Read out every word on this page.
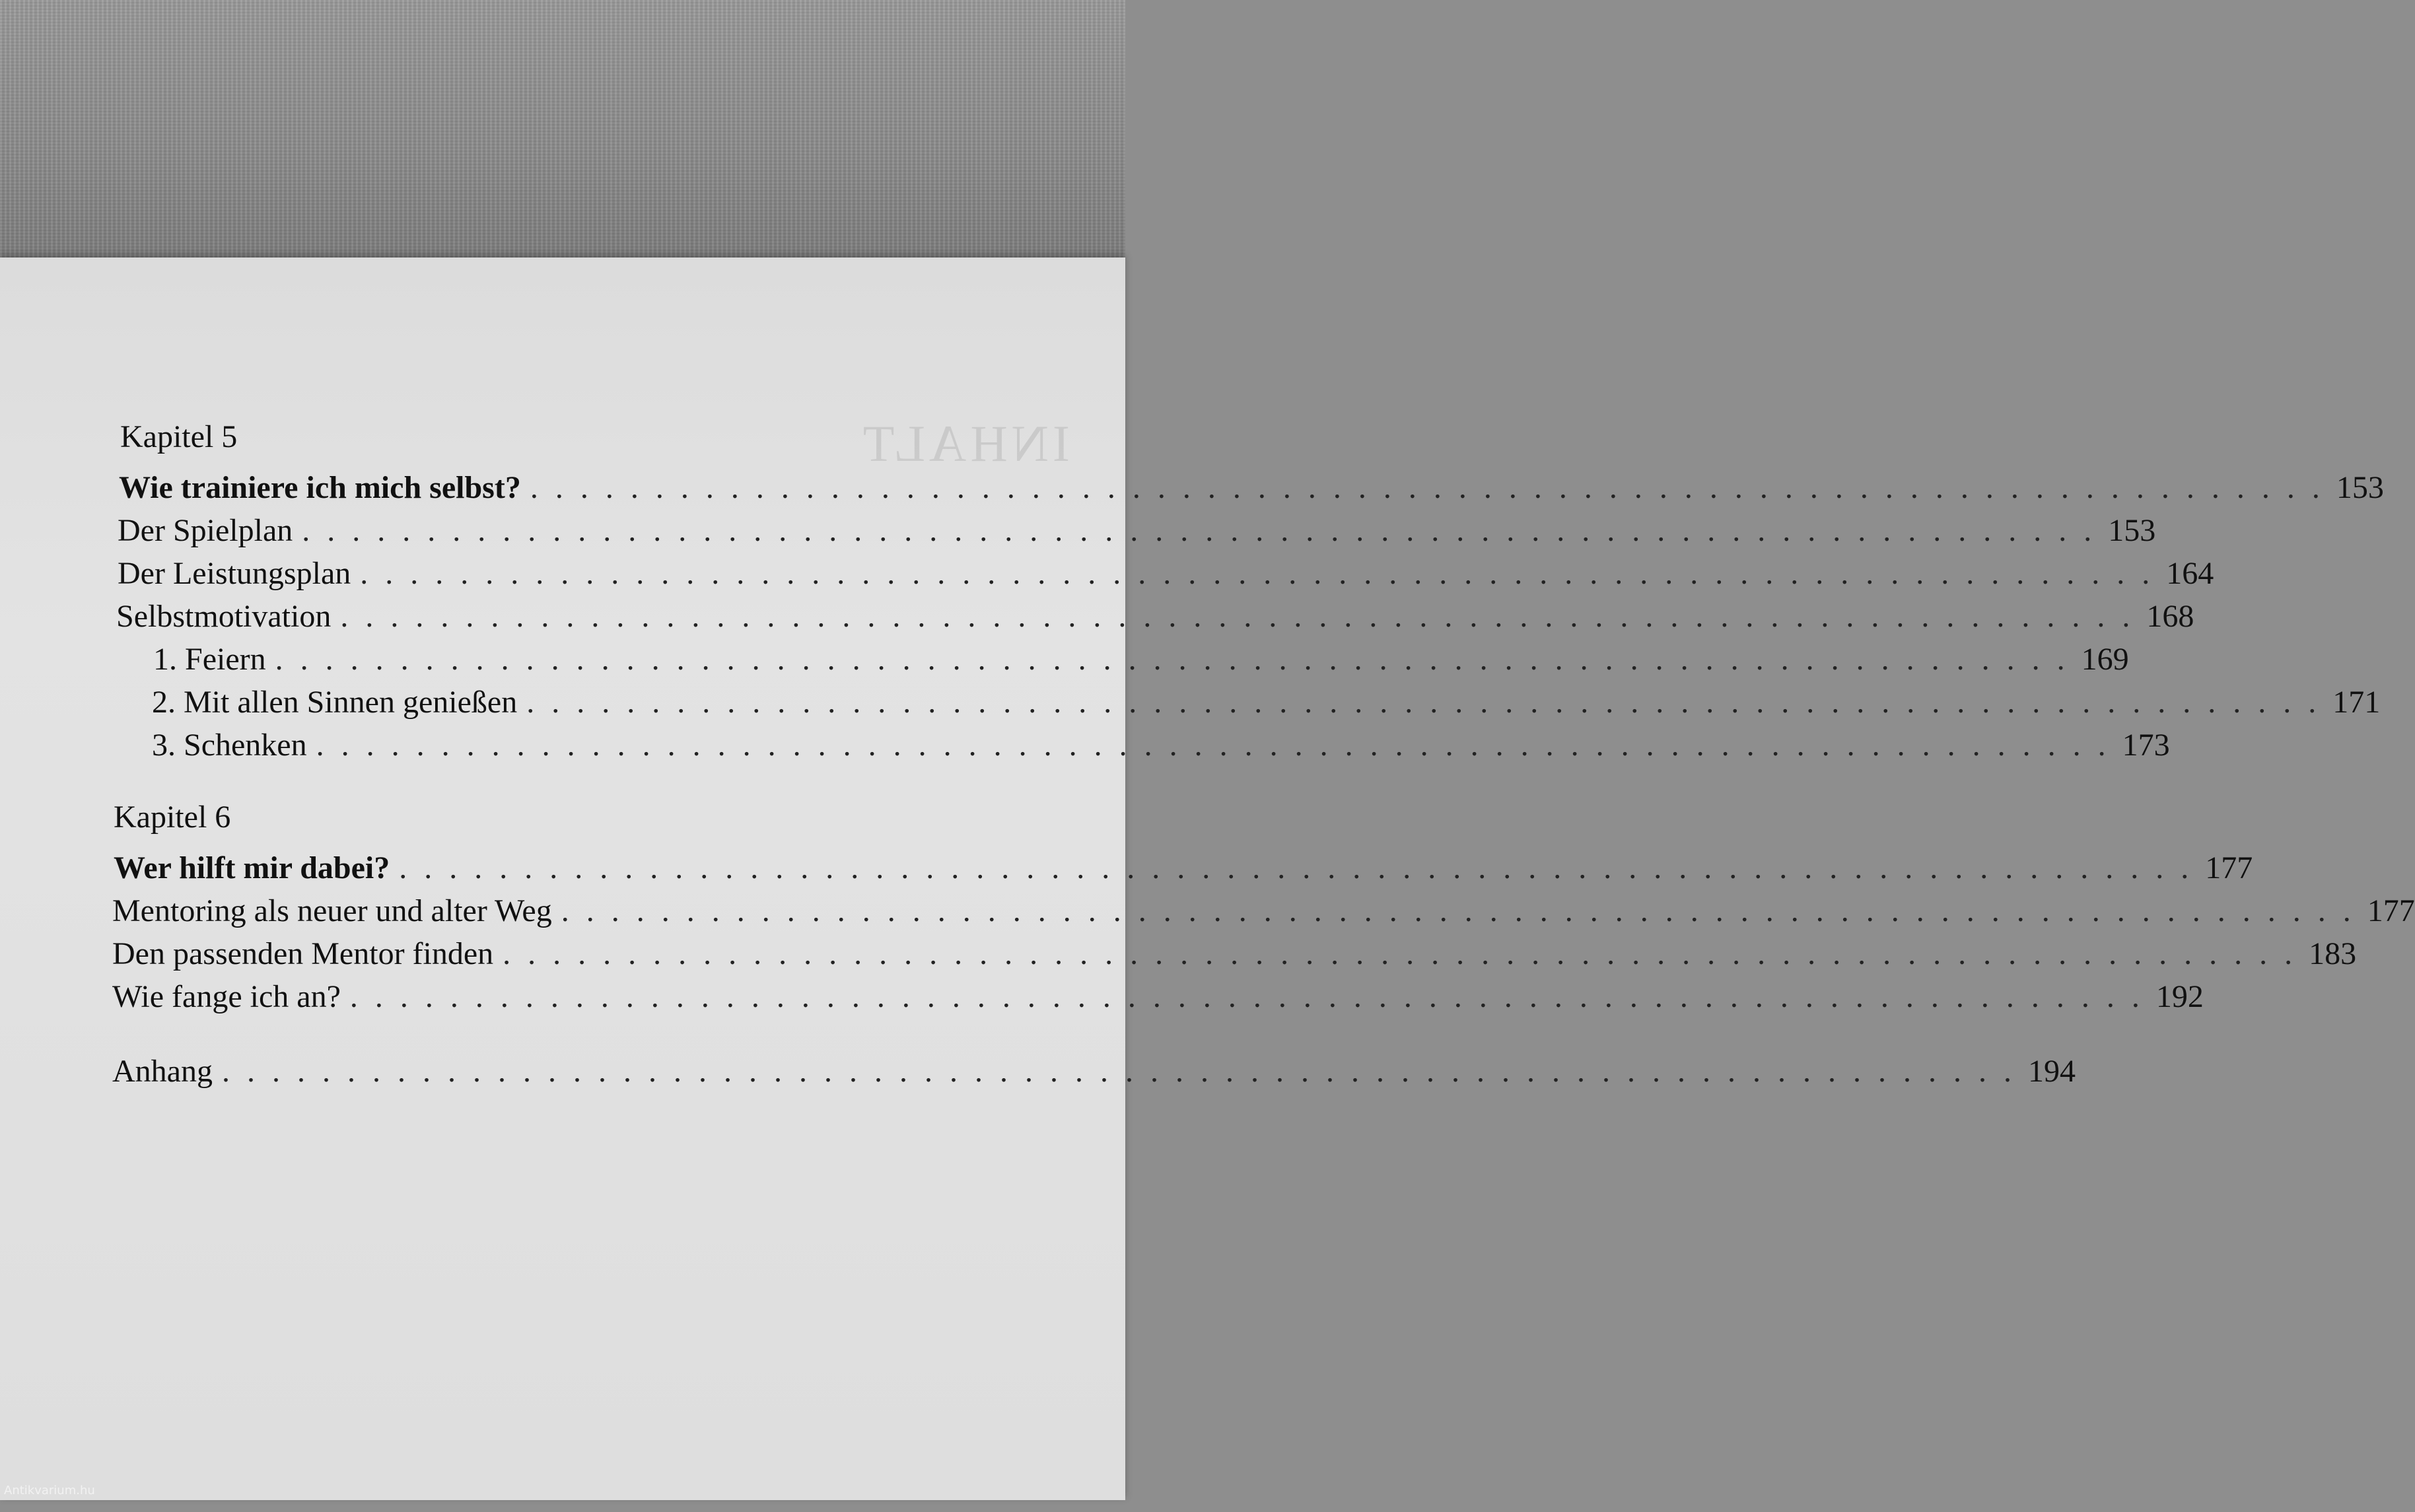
INHALT
Kapitel 5
Wie trainiere ich mich selbst? . . . . . . . . . . . . . . . . . . . . . . . . . . . . . . . . . . . . . . . . . . . . . . . . . . . . . . . . . . . . . . . . . . . . . . . . 153
Der Spielplan . . . . . . . . . . . . . . . . . . . . . . . . . . . . . . . . . . . . . . . . . . . . . . . . . . . . . . . . . . . . . . . . . . . . . . . . 153
Der Leistungsplan . . . . . . . . . . . . . . . . . . . . . . . . . . . . . . . . . . . . . . . . . . . . . . . . . . . . . . . . . . . . . . . . . . . . . . . . 164
Selbstmotivation . . . . . . . . . . . . . . . . . . . . . . . . . . . . . . . . . . . . . . . . . . . . . . . . . . . . . . . . . . . . . . . . . . . . . . . . 168
1. Feiern . . . . . . . . . . . . . . . . . . . . . . . . . . . . . . . . . . . . . . . . . . . . . . . . . . . . . . . . . . . . . . . . . . . . . . . . 169
2. Mit allen Sinnen genießen . . . . . . . . . . . . . . . . . . . . . . . . . . . . . . . . . . . . . . . . . . . . . . . . . . . . . . . . . . . . . . . . . . . . . . . . 171
3. Schenken . . . . . . . . . . . . . . . . . . . . . . . . . . . . . . . . . . . . . . . . . . . . . . . . . . . . . . . . . . . . . . . . . . . . . . . . 173
Kapitel 6
Wer hilft mir dabei? . . . . . . . . . . . . . . . . . . . . . . . . . . . . . . . . . . . . . . . . . . . . . . . . . . . . . . . . . . . . . . . . . . . . . . . . 177
Mentoring als neuer und alter Weg . . . . . . . . . . . . . . . . . . . . . . . . . . . . . . . . . . . . . . . . . . . . . . . . . . . . . . . . . . . . . . . . . . . . . . . . 177
Den passenden Mentor finden . . . . . . . . . . . . . . . . . . . . . . . . . . . . . . . . . . . . . . . . . . . . . . . . . . . . . . . . . . . . . . . . . . . . . . . . 183
Wie fange ich an? . . . . . . . . . . . . . . . . . . . . . . . . . . . . . . . . . . . . . . . . . . . . . . . . . . . . . . . . . . . . . . . . . . . . . . . . 192
Anhang . . . . . . . . . . . . . . . . . . . . . . . . . . . . . . . . . . . . . . . . . . . . . . . . . . . . . . . . . . . . . . . . . . . . . . . . 194
Antikvarium.hu
